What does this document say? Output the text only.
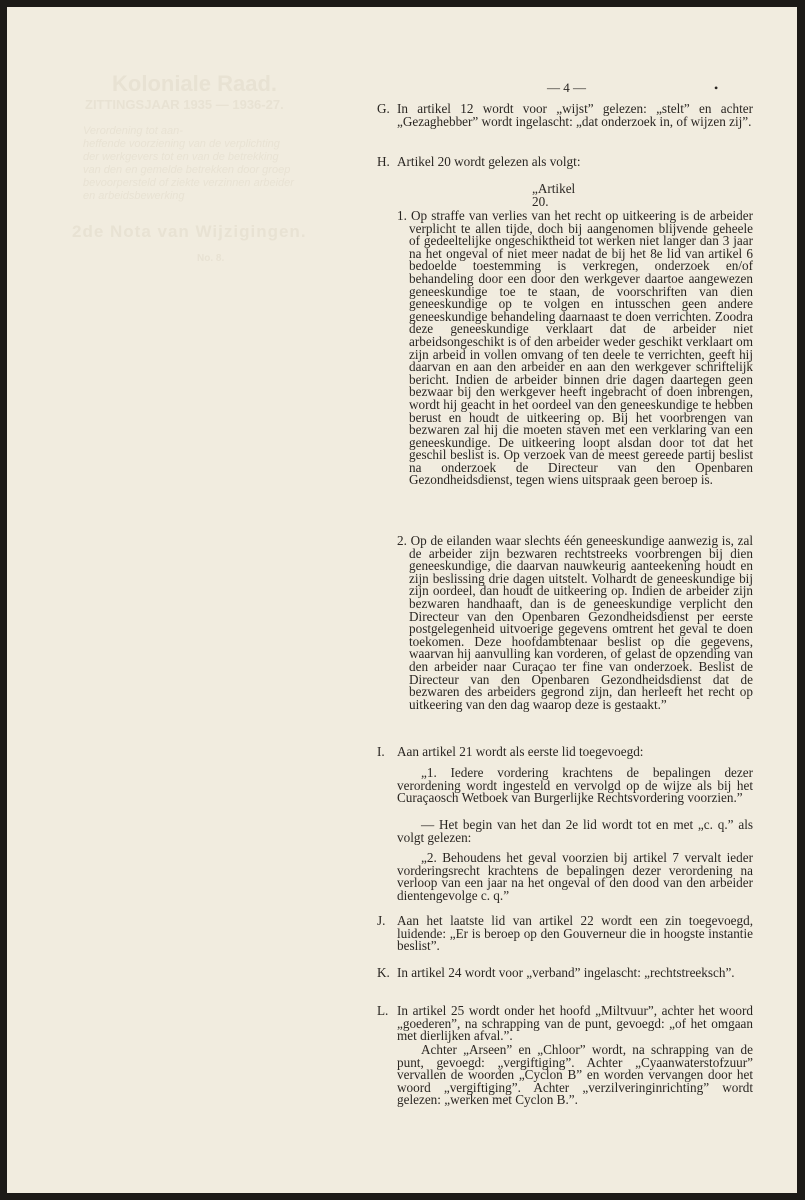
Koloniale Raad.
ZITTINGSJAAR 1935 — 1936-27.
Verordening tot aan-
heffende voorziening van de verplichting
der werkgevers tot en van de betrekking
van den en gemelde betrekken door groep
bevoorpersteld of ziekte verzinnen arbeider
en arbeidsbewerking
2de Nota van Wijzigingen.
No. 8.
— 4 —	•
G. In artikel 12 wordt voor „wijst” gelezen: „stelt” en achter „Gezaghebber” wordt ingelascht: „dat onderzoek in, of wijzen zij”.

H. Artikel 20 wordt gelezen als volgt:

„Artikel 20.

1. Op straffe van verlies van het recht op uitkeering is de arbeider verplicht te allen tijde, doch bij aangenomen blijvende geheele of gedeeltelijke ongeschiktheid tot werken niet langer dan 3 jaar na het ongeval of niet meer nadat de bij het 8e lid van artikel 6 bedoelde toestemming is verkregen, onderzoek en/of behandeling door een door den werkgever daartoe aangewezen geneeskundige toe te staan, de voorschriften van dien geneeskundige op te volgen en intusschen geen andere geneeskundige behandeling daarnaast te doen verrichten. Zoodra deze geneeskundige verklaart dat de arbeider niet arbeidsongeschikt is of den arbeider weder geschikt verklaart om zijn arbeid in vollen omvang of ten deele te verrichten, geeft hij daarvan en aan den arbeider en aan den werkgever schriftelijk bericht. Indien de arbeider binnen drie dagen daartegen geen bezwaar bij den werkgever heeft ingebracht of doen inbrengen, wordt hij geacht in het oordeel van den geneeskundige te hebben berust en houdt de uitkeering op. Bij het voorbrengen van bezwaren zal hij die moeten staven met een verklaring van een geneeskundige. De uitkeering loopt alsdan door tot dat het geschil beslist is. Op verzoek van de meest gereede partij beslist na onderzoek de Directeur van den Openbaren Gezondheidsdienst, tegen wiens uitspraak geen beroep is.

2. Op de eilanden waar slechts één geneeskundige aanwezig is, zal de arbeider zijn bezwaren rechtstreeks voorbrengen bij dien geneeskundige, die daarvan nauwkeurig aanteekening houdt en zijn beslissing drie dagen uitstelt. Volhardt de geneeskundige bij zijn oordeel, dan houdt de uitkeering op. Indien de arbeider zijn bezwaren handhaaft, dan is de geneeskundige verplicht den Directeur van den Openbaren Gezondheidsdienst per eerste postgelegenheid uitvoerige gegevens omtrent het geval te doen toekomen. Deze hoofdambtenaar beslist op die gegevens, waarvan hij aanvulling kan vorderen, of gelast de opzending van den arbeider naar Curaçao ter fine van onderzoek. Beslist de Directeur van den Openbaren Gezondheidsdienst dat de bezwaren des arbeiders gegrond zijn, dan herleeft het recht op uitkeering van den dag waarop deze is gestaakt.”

I. Aan artikel 21 wordt als eerste lid toegevoegd:

„1. Iedere vordering krachtens de bepalingen dezer verordening wordt ingesteld en vervolgd op de wijze als bij het Curaçaosch Wetboek van Burgerlijke Rechtsvordering voorzien.”

— Het begin van het dan 2e lid wordt tot en met „c. q.” als volgt gelezen:

„2. Behoudens het geval voorzien bij artikel 7 vervalt ieder vorderingsrecht krachtens de bepalingen dezer verordening na verloop van een jaar na het ongeval of den dood van den arbeider dientengevolge c. q.”

J. Aan het laatste lid van artikel 22 wordt een zin toegevoegd, luidende: „Er is beroep op den Gouverneur die in hoogste instantie beslist”.

K. In artikel 24 wordt voor „verband” ingelascht: „rechtstreeksch”.

L. In artikel 25 wordt onder het hoofd „Miltvuur”, achter het woord „goederen”, na schrapping van de punt, gevoegd: „of het omgaan met dierlijken afval.”.

Achter „Arseen” en „Chloor” wordt, na schrapping van de punt, gevoegd: „vergiftiging”. Achter „Cyaanwaterstofzuur” vervallen de woorden „Cyclon B” en worden vervangen door het woord „vergiftiging”. Achter „verzilveringinrichting” wordt gelezen: „werken met Cyclon B.”.
